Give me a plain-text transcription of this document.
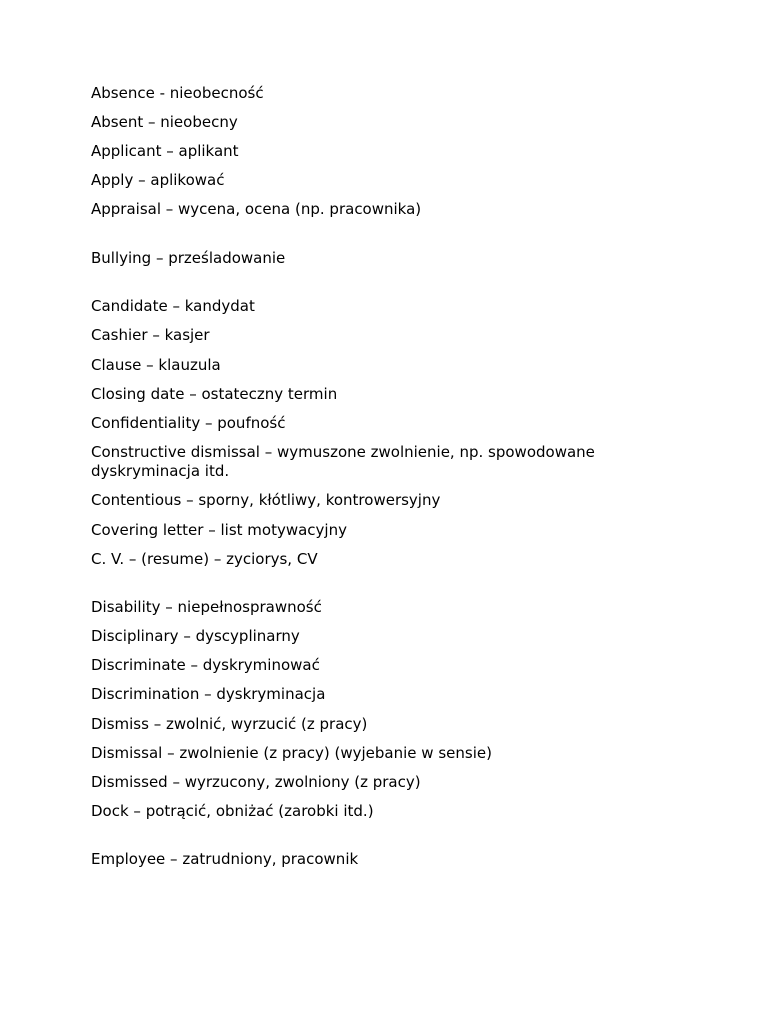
Absence - nieobecność
Absent – nieobecny
Applicant – aplikant
Apply – aplikować
Appraisal – wycena, ocena (np. pracownika)
Bullying – prześladowanie
Candidate – kandydat
Cashier – kasjer
Clause – klauzula
Closing date – ostateczny termin
Confidentiality – poufność
Constructive dismissal – wymuszone zwolnienie, np. spowodowane dyskryminacja itd.
Contentious – sporny, kłótliwy, kontrowersyjny
Covering letter – list motywacyjny
C. V. – (resume) – zyciorys, CV
Disability – niepełnosprawność
Disciplinary – dyscyplinarny
Discriminate – dyskryminować
Discrimination – dyskryminacja
Dismiss – zwolnić, wyrzucić (z pracy)
Dismissal – zwolnienie (z pracy) (wyjebanie w sensie)
Dismissed – wyrzucony, zwolniony (z pracy)
Dock – potrącić, obniżać (zarobki itd.)
Employee – zatrudniony, pracownik
